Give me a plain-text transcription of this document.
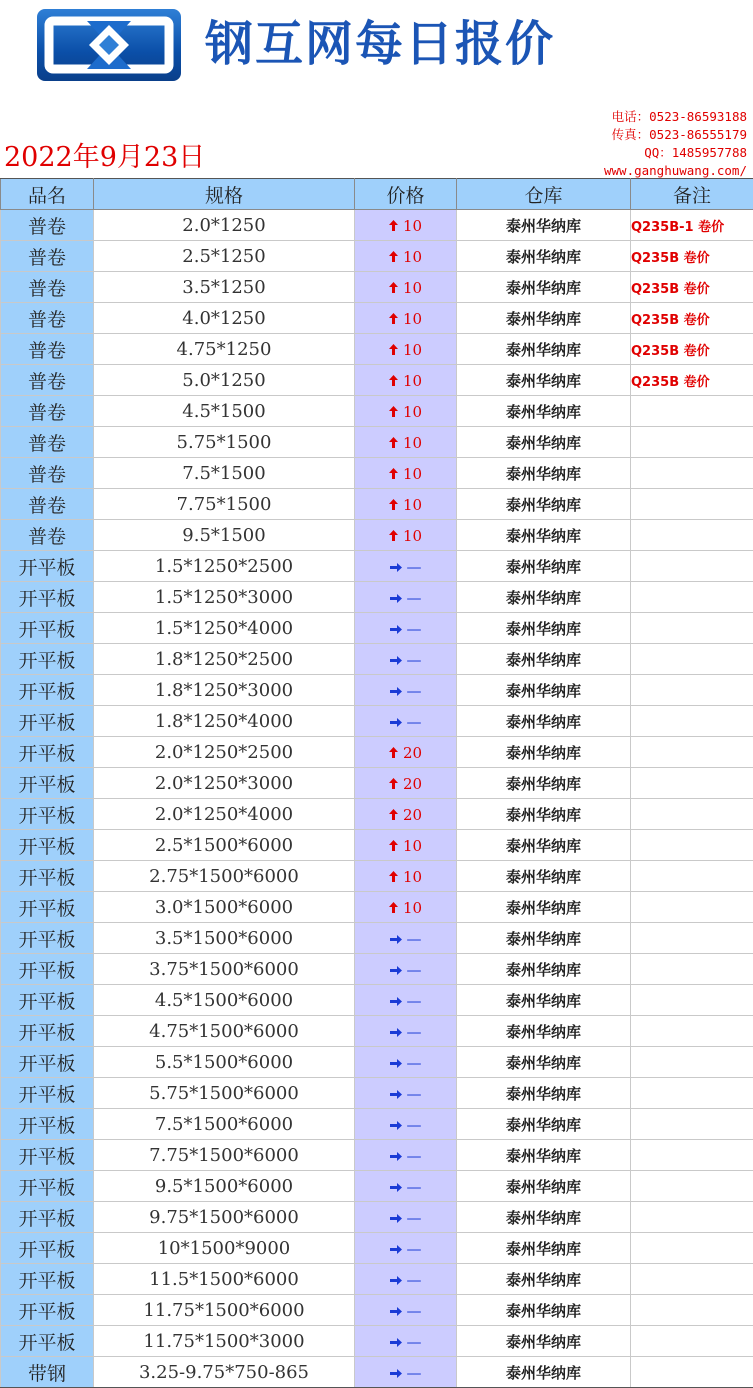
钢互网每日报价
2022年9月23日
电话：0523-86593188
传真：0523-86555179
QQ：1485957788
www.ganghuwang.com/
品名	规格	价格	仓库	备注
普卷	2.0*1250	10	泰州华纳库	Q235B-1 卷价
普卷	2.5*1250	10	泰州华纳库	Q235B 卷价
普卷	3.5*1250	10	泰州华纳库	Q235B 卷价
普卷	4.0*1250	10	泰州华纳库	Q235B 卷价
普卷	4.75*1250	10	泰州华纳库	Q235B 卷价
普卷	5.0*1250	10	泰州华纳库	Q235B 卷价
普卷	4.5*1500	10	泰州华纳库	
普卷	5.75*1500	10	泰州华纳库	
普卷	7.5*1500	10	泰州华纳库	
普卷	7.75*1500	10	泰州华纳库	
普卷	9.5*1500	10	泰州华纳库	
开平板	1.5*1250*2500	—	泰州华纳库	
开平板	1.5*1250*3000	—	泰州华纳库	
开平板	1.5*1250*4000	—	泰州华纳库	
开平板	1.8*1250*2500	—	泰州华纳库	
开平板	1.8*1250*3000	—	泰州华纳库	
开平板	1.8*1250*4000	—	泰州华纳库	
开平板	2.0*1250*2500	20	泰州华纳库	
开平板	2.0*1250*3000	20	泰州华纳库	
开平板	2.0*1250*4000	20	泰州华纳库	
开平板	2.5*1500*6000	10	泰州华纳库	
开平板	2.75*1500*6000	10	泰州华纳库	
开平板	3.0*1500*6000	10	泰州华纳库	
开平板	3.5*1500*6000	—	泰州华纳库	
开平板	3.75*1500*6000	—	泰州华纳库	
开平板	4.5*1500*6000	—	泰州华纳库	
开平板	4.75*1500*6000	—	泰州华纳库	
开平板	5.5*1500*6000	—	泰州华纳库	
开平板	5.75*1500*6000	—	泰州华纳库	
开平板	7.5*1500*6000	—	泰州华纳库	
开平板	7.75*1500*6000	—	泰州华纳库	
开平板	9.5*1500*6000	—	泰州华纳库	
开平板	9.75*1500*6000	—	泰州华纳库	
开平板	10*1500*9000	—	泰州华纳库	
开平板	11.5*1500*6000	—	泰州华纳库	
开平板	11.75*1500*6000	—	泰州华纳库	
开平板	11.75*1500*3000	—	泰州华纳库	
带钢	3.25-9.75*750-865	—	泰州华纳库	
